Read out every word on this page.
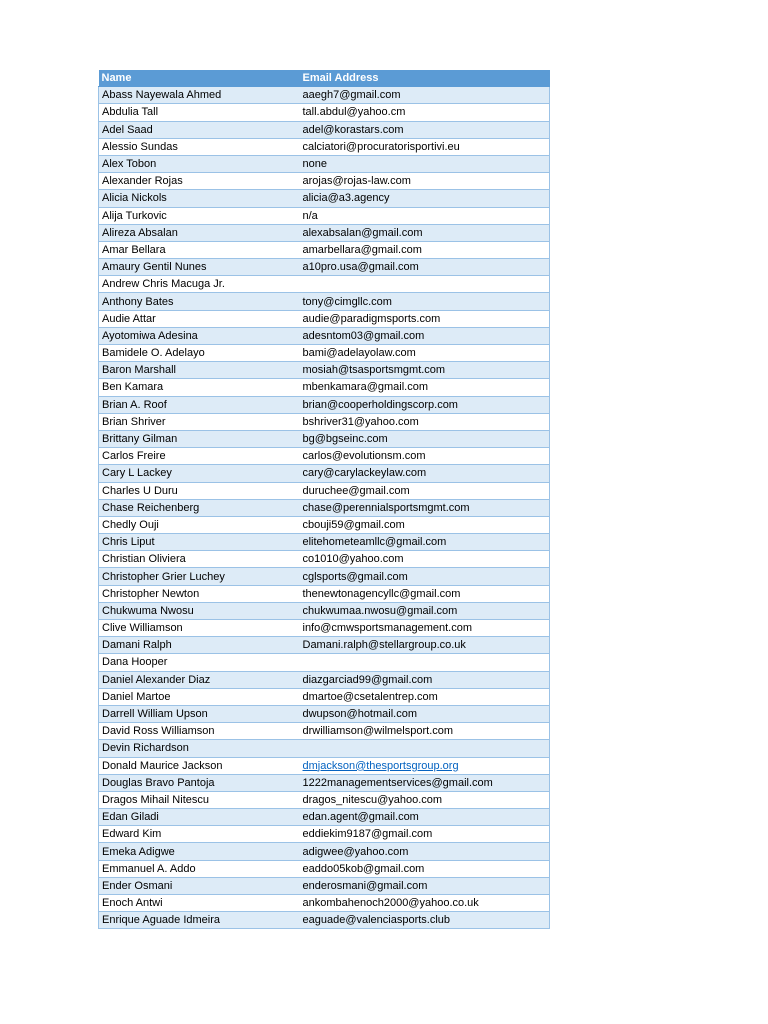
Name	Email Address
Abass Nayewala Ahmed	aaegh7@gmail.com
Abdulia Tall	tall.abdul@yahoo.cm
Adel Saad	adel@korastars.com
Alessio Sundas	calciatori@procuratorisportivi.eu
Alex Tobon	none
Alexander Rojas	arojas@rojas-law.com
Alicia Nickols	alicia@a3.agency
Alija Turkovic	n/a
Alireza Absalan	alexabsalan@gmail.com
Amar Bellara	amarbellara@gmail.com
Amaury Gentil Nunes	a10pro.usa@gmail.com
Andrew Chris Macuga Jr.	
Anthony Bates	tony@cimgllc.com
Audie Attar	audie@paradigmsports.com
Ayotomiwa Adesina	adesntom03@gmail.com
Bamidele O. Adelayo	bami@adelayolaw.com
Baron Marshall	mosiah@tsasportsmgmt.com
Ben Kamara	mbenkamara@gmail.com
Brian A. Roof	brian@cooperholdingscorp.com
Brian Shriver	bshriver31@yahoo.com
Brittany Gilman	bg@bgseinc.com
Carlos Freire	carlos@evolutionsm.com
Cary L Lackey	cary@carylackeylaw.com
Charles U Duru	duruchee@gmail.com
Chase Reichenberg	chase@perennialsportsmgmt.com
Chedly Ouji	cbouji59@gmail.com
Chris Liput	elitehometeamllc@gmail.com
Christian Oliviera	co1010@yahoo.com
Christopher Grier Luchey	cglsports@gmail.com
Christopher Newton	thenewtonagencyllc@gmail.com
Chukwuma Nwosu	chukwumaa.nwosu@gmail.com
Clive Williamson	info@cmwsportsmanagement.com
Damani Ralph	Damani.ralph@stellargroup.co.uk
Dana Hooper	
Daniel Alexander Diaz	diazgarciad99@gmail.com
Daniel Martoe	dmartoe@csetalentrep.com
Darrell William Upson	dwupson@hotmail.com
David Ross Williamson	drwilliamson@wilmelsport.com
Devin Richardson	
Donald Maurice Jackson	dmjackson@thesportsgroup.org
Douglas Bravo Pantoja	1222managementservices@gmail.com
Dragos Mihail Nitescu	dragos_nitescu@yahoo.com
Edan Giladi	edan.agent@gmail.com
Edward Kim	eddiekim9187@gmail.com
Emeka Adigwe	adigwee@yahoo.com
Emmanuel A. Addo	eaddo05kob@gmail.com
Ender Osmani	enderosmani@gmail.com
Enoch Antwi	ankombahenoch2000@yahoo.co.uk
Enrique Aguade Idmeira	eaguade@valenciasports.club
